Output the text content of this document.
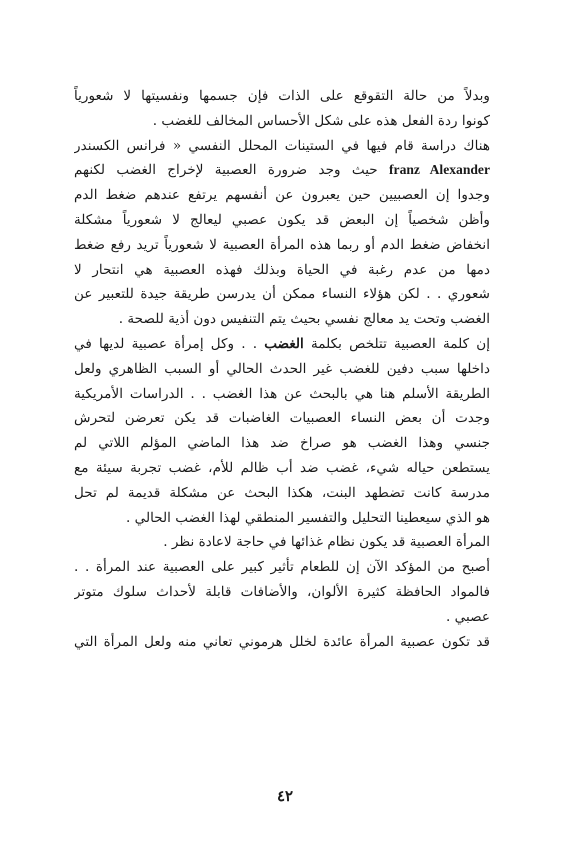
وبدلاً من حالة التقوقع على الذات فإن جسمها ونفسيتها لا شعورياً
كونوا ردة الفعل هذه على شكل الأحساس المخالف للغضب .
هناك دراسة قام فيها في الستينات المحلل النفسي « فرانس الكسندر
franz Alexander حيث وجد ضرورة العصبية لإخراج الغضب لكنهم
وجدوا إن العصبيين حين يعبرون عن أنفسهم يرتفع عندهم ضغط الدم
وأظن شخصياً إن البعض قد يكون عصبي ليعالج لا شعورياً مشكلة
انخفاض ضغط الدم أو ربما هذه المرأة العصبية لا شعورياً تريد رفع ضغط
دمها من عدم رغبة في الحياة وبذلك فهذه العصبية هي انتحار لا
شعوري . . لكن هؤلاء النساء ممكن أن يدرسن طريقة جيدة للتعبير عن
الغضب وتحت يد معالج نفسي بحيث يتم التنفيس دون أذية للصحة .
إن كلمة العصبية تتلخص بكلمة الغضب . . وكل إمرأة عصبية لديها في
داخلها سبب دفين للغضب غير الحدث الحالي أو السبب الظاهري ولعل
الطريقة الأسلم هنا هي بالبحث عن هذا الغضب . . الدراسات الأمريكية
وجدت أن بعض النساء العصبيات الغاضبات قد يكن تعرضن لتحرش
جنسي وهذا الغضب هو صراخ ضد هذا الماضي المؤلم اللاتي لم
يستطعن حياله شيء، غضب ضد أب ظالم للأم، غضب تجربة سيئة مع
مدرسة كانت تضطهد البنت، هكذا البحث عن مشكلة قديمة لم تحل
هو الذي سيعطينا التحليل والتفسير المنطقي لهذا الغضب الحالي .
المرأة العصبية قد يكون نظام غذائها في حاجة لاعادة نظر .
أصبح من المؤكد الآن إن للطعام تأثير كبير على العصبية عند المرأة . .
فالمواد الحافظة كثيرة الألوان، والأضافات قابلة لأحداث سلوك متوتر
عصبي .
قد تكون عصبية المرأة عائدة لخلل هرموني تعاني منه ولعل المرأة التي
٤٢
